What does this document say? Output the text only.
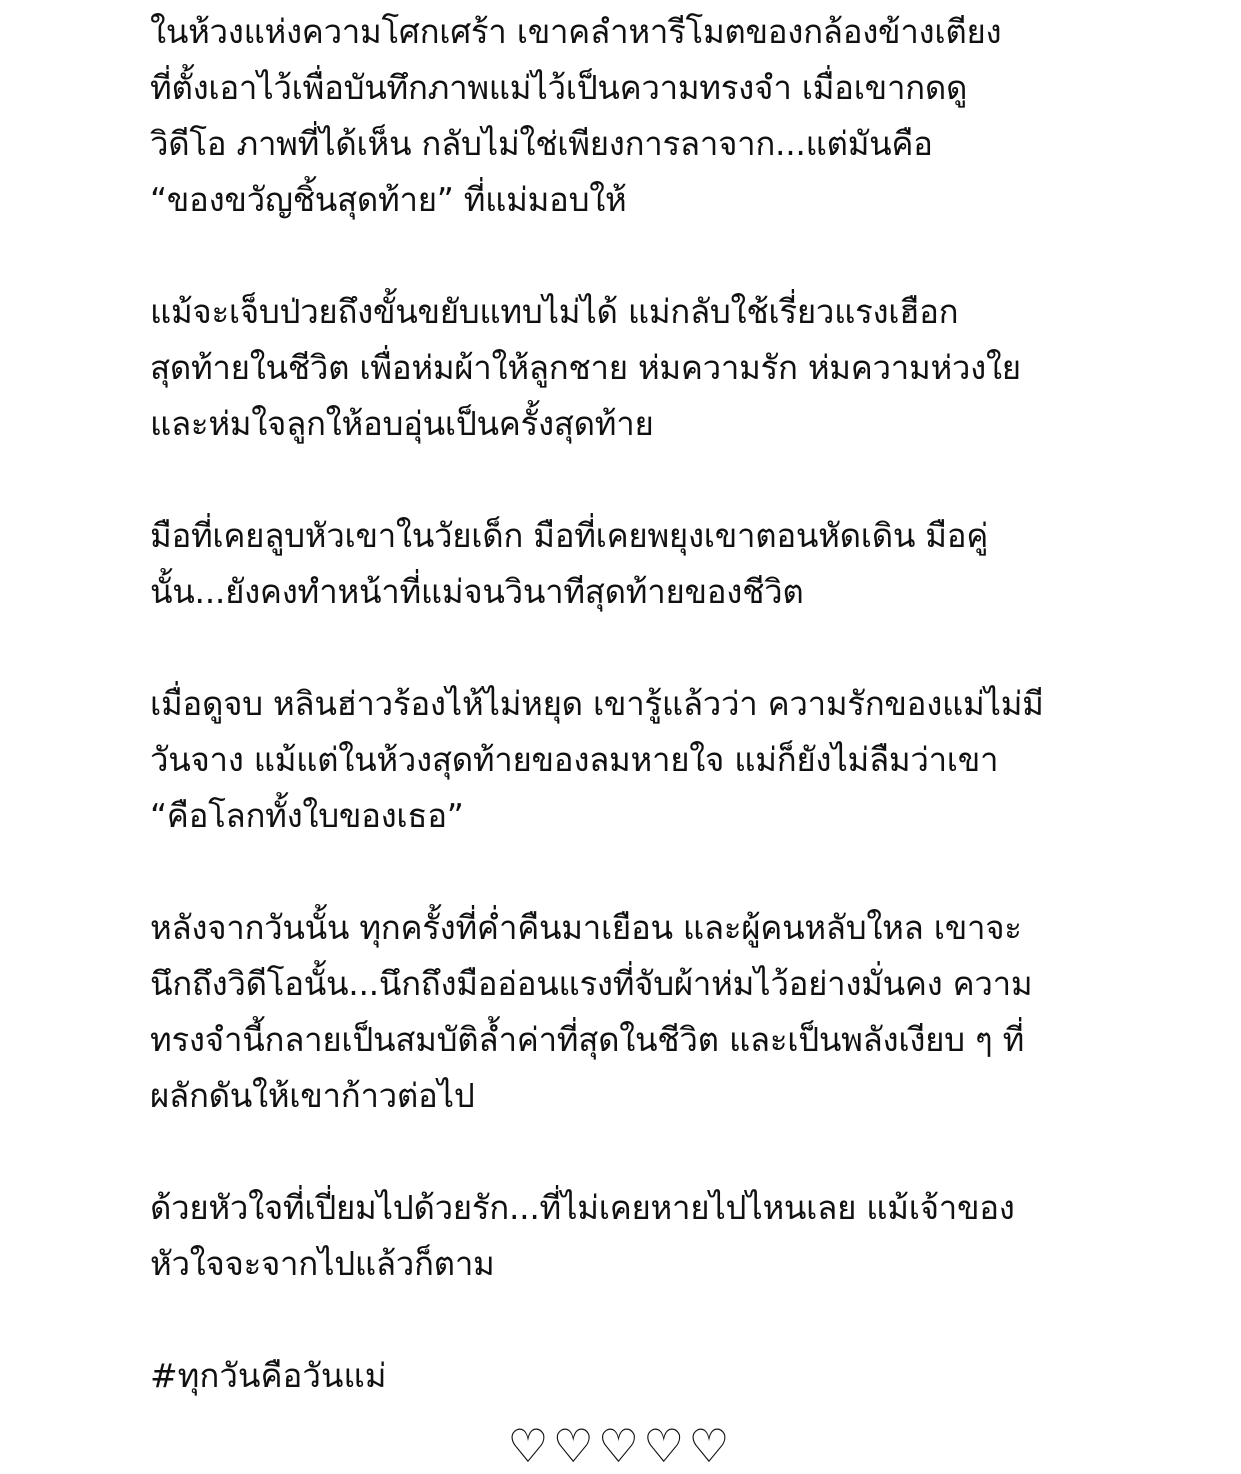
ในห้วงแห่งความโศกเศร้า เขาคลำหารีโมตของกล้องข้างเตียง
ที่ตั้งเอาไว้เพื่อบันทึกภาพแม่ไว้เป็นความทรงจำ เมื่อเขากดดู
วิดีโอ ภาพที่ได้เห็น กลับไม่ใช่เพียงการลาจาก...แต่มันคือ
“ของขวัญชิ้นสุดท้าย” ที่แม่มอบให้
แม้จะเจ็บป่วยถึงขั้นขยับแทบไม่ได้ แม่กลับใช้เรี่ยวแรงเฮือก
สุดท้ายในชีวิต เพื่อห่มผ้าให้ลูกชาย ห่มความรัก ห่มความห่วงใย
และห่มใจลูกให้อบอุ่นเป็นครั้งสุดท้าย
มือที่เคยลูบหัวเขาในวัยเด็ก มือที่เคยพยุงเขาตอนหัดเดิน มือคู่
นั้น...ยังคงทำหน้าที่แม่จนวินาทีสุดท้ายของชีวิต
เมื่อดูจบ หลินฮ่าวร้องไห้ไม่หยุด เขารู้แล้วว่า ความรักของแม่ไม่มี
วันจาง แม้แต่ในห้วงสุดท้ายของลมหายใจ แม่ก็ยังไม่ลืมว่าเขา
“คือโลกทั้งใบของเธอ”
หลังจากวันนั้น ทุกครั้งที่ค่ำคืนมาเยือน และผู้คนหลับใหล เขาจะ
นึกถึงวิดีโอนั้น...นึกถึงมืออ่อนแรงที่จับผ้าห่มไว้อย่างมั่นคง ความ
ทรงจำนี้กลายเป็นสมบัติล้ำค่าที่สุดในชีวิต และเป็นพลังเงียบ ๆ ที่
ผลักดันให้เขาก้าวต่อไป
ด้วยหัวใจที่เปี่ยมไปด้วยรัก...ที่ไม่เคยหายไปไหนเลย แม้เจ้าของ
หัวใจจะจากไปแล้วก็ตาม
#ทุกวันคือวันแม่
♡♡♡♡♡
